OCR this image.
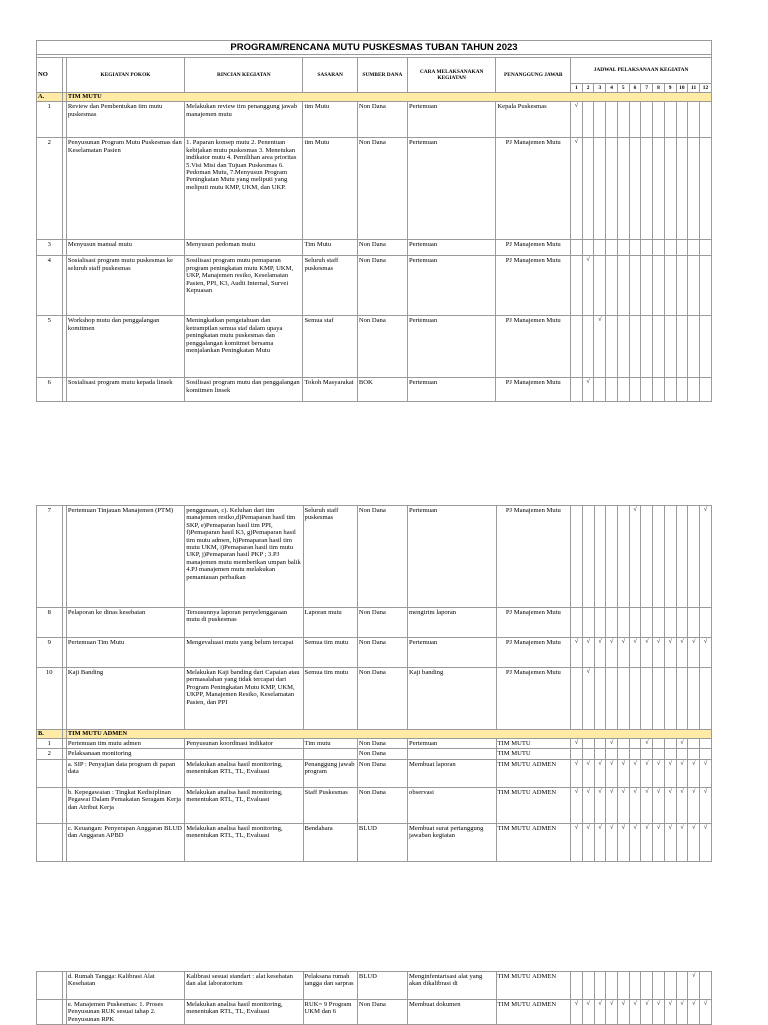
PROGRAM/RENCANA MUTU PUSKESMAS TUBAN TAHUN 2023																			

NO		KEGIATAN POKOK	RINCIAN KEGIATAN	SASARAN	SUMBER DANA	CARA MELAKSANAKAN KEGIATAN	PENANGGUNG JAWAB	JADWAL PELAKSANAAN KEGIATAN											
								1	2	3	4	5	6	7	8	9	10	11	12
A.		TIM MUTU																	
1		Review dan Pembentukan tim mutu puskesmas	Melakukan review tim penanggung jawab manajemen mutu	tim Mutu	Non Dana	Pertemuan	Kepala Puskesmas	√											
2		Penyusunan Program Mutu Puskesmas dan Keselamatan Pasien	1. Paparan konsep mutu 2. Penentuan kebijakan mutu puskesmas 3. Menetukan indikator mutu 4. Pemilihan area prioritas 5.Visi Misi dan Tujuan Puskesmas 6. Pedoman Mutu, 7.Menyusun Program Peningkatan Mutu yang meliputi yang meliputi mutu KMP, UKM, dan UKP.	tim Mutu	Non Dana	Pertemuan	PJ Manajemen Mutu	√											
3		Menyusun manual mutu	Menyusun pedoman mutu	Tim Mutu	Non Dana	Pertemuan	PJ Manajemen Mutu												
4		Sosialisasi program mutu puskesmas ke seluruh staff puskesmas	Sosilisasi program mutu pemaparan program peningkatan mutu KMP, UKM, UKP, Manajemen resiko, Keselamatan Pasien, PPI, K3, Audit Internal, Survei Kepuasan	Seluruh staff puskesmas	Non Dana	Pertemuan	PJ Manajemen Mutu		√										
5		Workshop mutu dan penggalangan komitmen	Meningkatkan pengetahuan dan ketrampilan semua staf dalam upaya peningkatan mutu puskesmas dan penggalangan komitmet bersama menjalankan Peningkatan Mutu	Semua staf	Non Dana	Pertemuan	PJ Manajemen Mutu			√									
6		Sosialisasi program mutu kepada linsek	Sosilisasi program mutu dan penggalangan komitmen linsek	Tokoh Masyarakat	BOK	Pertemuan	PJ Manajemen Mutu		√										
7		Pertemuan Tinjauan Manajemen (PTM)	penggunaan, c). Keluhan dari tim manajemen resiko,d)Pemaparan hasil tim SKP, e)Pemaparan hasil tim PPI, f)Pemaparan hasil K3, g)Pemaparan hasil tim mutu admen, h)Pemaparan hasil tim mutu UKM, i)Pemaparan hasil tim mutu UKP, j)Pemaparan hasil PKP ; 3.PJ manajemen mutu memberikan umpan balik 4.PJ manajemen mutu melakukan pemantauan perbaikan	Seluruh staff puskesmas	Non Dana	Pertemuan	PJ Manajemen Mutu						√						√
8		Pelaporan ke dinas kesehatan	Tersusunnya laporan penyelenggaraan mutu di puskesmas	Laporan mutu	Non Dana	mengirim laporan	PJ Manajemen Mutu												
9		Pertemuan Tim Mutu	Mengevaluasi mutu yang belum tercapai	Semua tim mutu	Non Dana	Pertemuan	PJ Manajemen Mutu	√	√	√	√	√	√	√	√	√	√	√	√
10		Kaji Banding	Melakukan Kaji banding dari Capaian atau permasalahan yang tidak tercapai dari Program Peningkatan Mutu KMP, UKM, UKPP, Manajemen Resiko, Keselamatan Pasien, dan PPI	Semua tim mutu	Non Dana	Kaji banding	PJ Manajemen Mutu		√										
B.		TIM MUTU ADMEN																	
1		Pertemuan tim mutu admen	Penyusunan koordinasi indikator	Tim mutu	Non Dana	Pertemuan	TIM MUTU	√			√			√			√		
2		Pelaksanaan monitoring			Non Dana		TIM MUTU												
		a. SIP : Penyajian data program di papan data	Melakukan analisa hasil monitoring, menentukan RTL, TL, Evaluasi	Penanggung jawab program	Non Dana	Membuat laporan	TIM MUTU ADMEN	√	√	√	√	√	√	√	√	√	√	√	√
		b. Kepegawaian : Tingkat Kedisiplinan Pegawai Dalam Pemakaian Seragam Kerja dan Atribut Kerja	Melakukan analisa hasil monitoring, menentukan RTL, TL, Evaluasi	Staff Puskesmas	Non Dana	observasi	TIM MUTU ADMEN	√	√	√	√	√	√	√	√	√	√	√	√
		c. Keuangan: Penyerapan Anggaran BLUD dan Anggaran APBD	Melakukan analisa hasil monitoring, menentukan RTL, TL, Evaluasi	Bendahara	BLUD	Membuat surat pertanggung jawaban kegiatan	TIM MUTU ADMEN	√	√	√	√	√	√	√	√	√	√	√	√
		d. Rumah Tangga: Kalibrasi Alat Kesehatan	Kalibrasi sesuai standart : alat kesehatan dan alat laboratorium	Pelaksana rumah tangga dan sarpras	BLUD	Menginfentarisasi alat yang akan dikalibrasi di	TIM MUTU ADMEN											√	
		e. Manajemen Puskesmas: 1. Proses Penyusunan RUK sesuai tahap 2. Penyusunan RPK	Melakukan analisa hasil monitoring, menentukan RTL, TL, Evaluasi	RUK= 9 Program UKM dan 6	Non Dana	Membuat dokumen	TIM MUTU ADMEN	√	√	√	√	√	√	√	√	√	√	√	√
